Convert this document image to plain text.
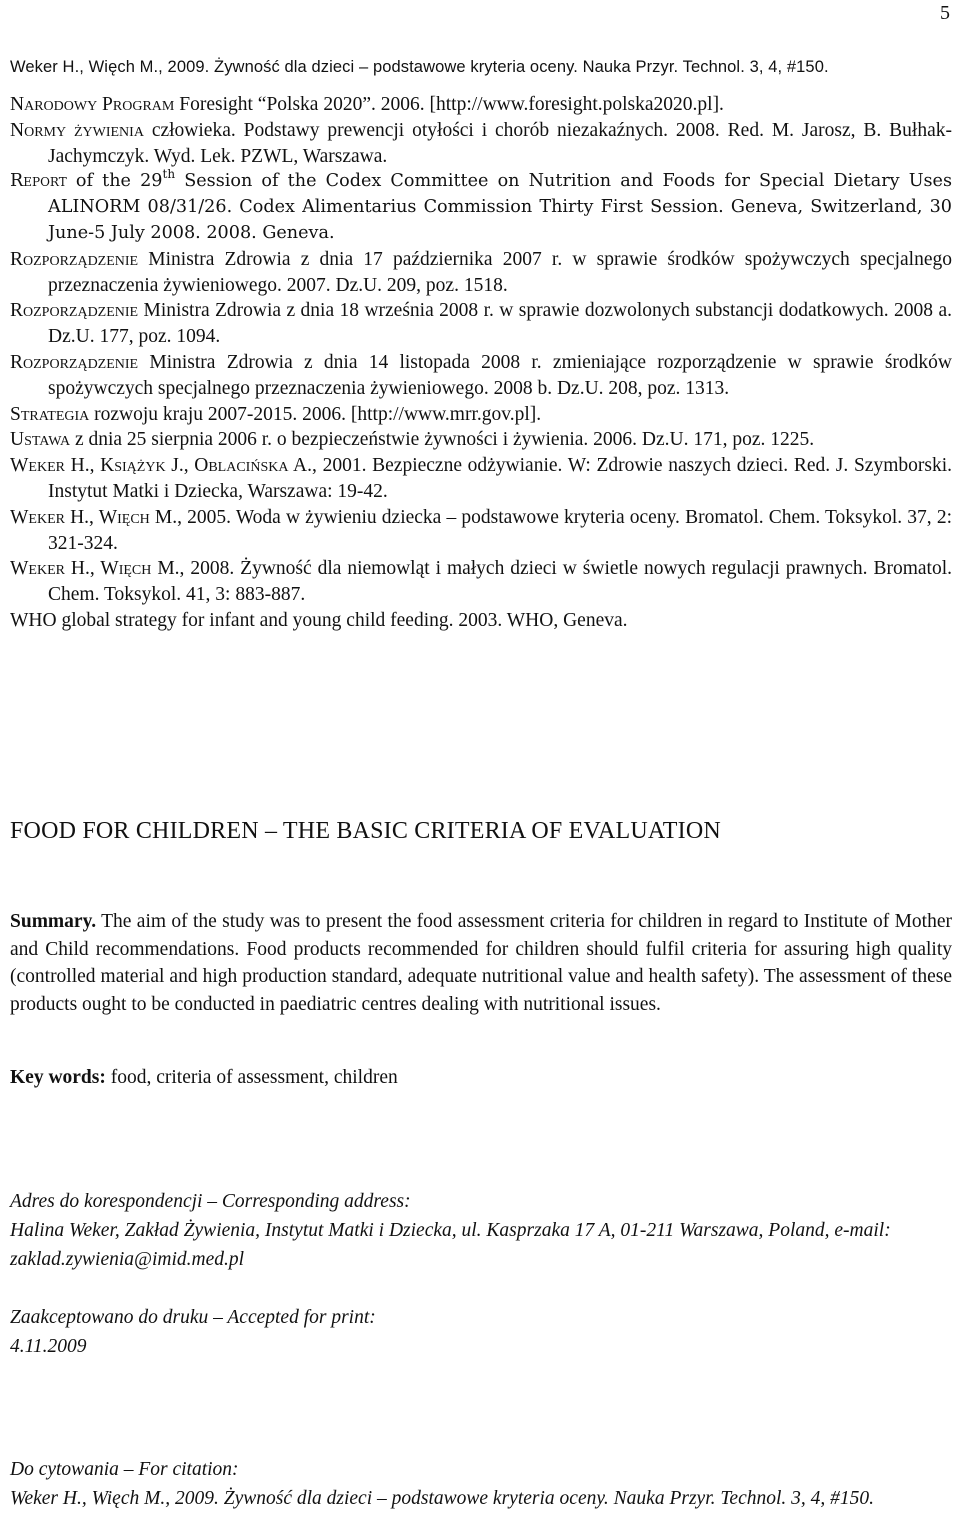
5
Weker H., Więch M., 2009. Żywność dla dzieci – podstawowe kryteria oceny. Nauka Przyr. Technol. 3, 4, #150.

Narodowy Program Foresight “Polska 2020”. 2006. [http://www.foresight.polska2020.pl].

Normy żywienia człowieka. Podstawy prewencji otyłości i chorób niezakaźnych. 2008. Red. M. Jarosz, B. Bułhak-Jachymczyk. Wyd. Lek. PZWL, Warszawa.

Report of the 29th Session of the Codex Committee on Nutrition and Foods for Special Dietary Uses ALINORM 08/31/26. Codex Alimentarius Commission Thirty First Session. Geneva, Switzerland, 30 June-5 July 2008. 2008. Geneva.

Rozporządzenie Ministra Zdrowia z dnia 17 października 2007 r. w sprawie środków spożywczych specjalnego przeznaczenia żywieniowego. 2007. Dz.U. 209, poz. 1518.

Rozporządzenie Ministra Zdrowia z dnia 18 września 2008 r. w sprawie dozwolonych substancji dodatkowych. 2008 a. Dz.U. 177, poz. 1094.

Rozporządzenie Ministra Zdrowia z dnia 14 listopada 2008 r. zmieniające rozporządzenie w sprawie środków spożywczych specjalnego przeznaczenia żywieniowego. 2008 b. Dz.U. 208, poz. 1313.

Strategia rozwoju kraju 2007-2015. 2006. [http://www.mrr.gov.pl].

Ustawa z dnia 25 sierpnia 2006 r. o bezpieczeństwie żywności i żywienia. 2006. Dz.U. 171, poz. 1225.

Weker H., Książyk J., Oblacińska A., 2001. Bezpieczne odżywianie. W: Zdrowie naszych dzieci. Red. J. Szymborski. Instytut Matki i Dziecka, Warszawa: 19-42.

Weker H., Więch M., 2005. Woda w żywieniu dziecka – podstawowe kryteria oceny. Bromatol. Chem. Toksykol. 37, 2: 321-324.

Weker H., Więch M., 2008. Żywność dla niemowląt i małych dzieci w świetle nowych regulacji prawnych. Bromatol. Chem. Toksykol. 41, 3: 883-887.

WHO global strategy for infant and young child feeding. 2003. WHO, Geneva.

FOOD FOR CHILDREN – THE BASIC CRITERIA OF EVALUATION

Summary. The aim of the study was to present the food assessment criteria for children in regard to Institute of Mother and Child recommendations. Food products recommended for children should fulfil criteria for assuring high quality (controlled material and high production standard, adequate nutritional value and health safety). The assessment of these products ought to be conducted in paediatric centres dealing with nutritional issues.

Key words: food, criteria of assessment, children

Adres do korespondencji – Corresponding address:
Halina Weker, Zakład Żywienia, Instytut Matki i Dziecka, ul. Kasprzaka 17 A, 01-211 Warszawa, Poland, e-mail: zaklad.zywienia@imid.med.pl
Zaakceptowano do druku – Accepted for print:
4.11.2009
Do cytowania – For citation:
Weker H., Więch M., 2009. Żywność dla dzieci – podstawowe kryteria oceny. Nauka Przyr. Technol. 3, 4, #150.
